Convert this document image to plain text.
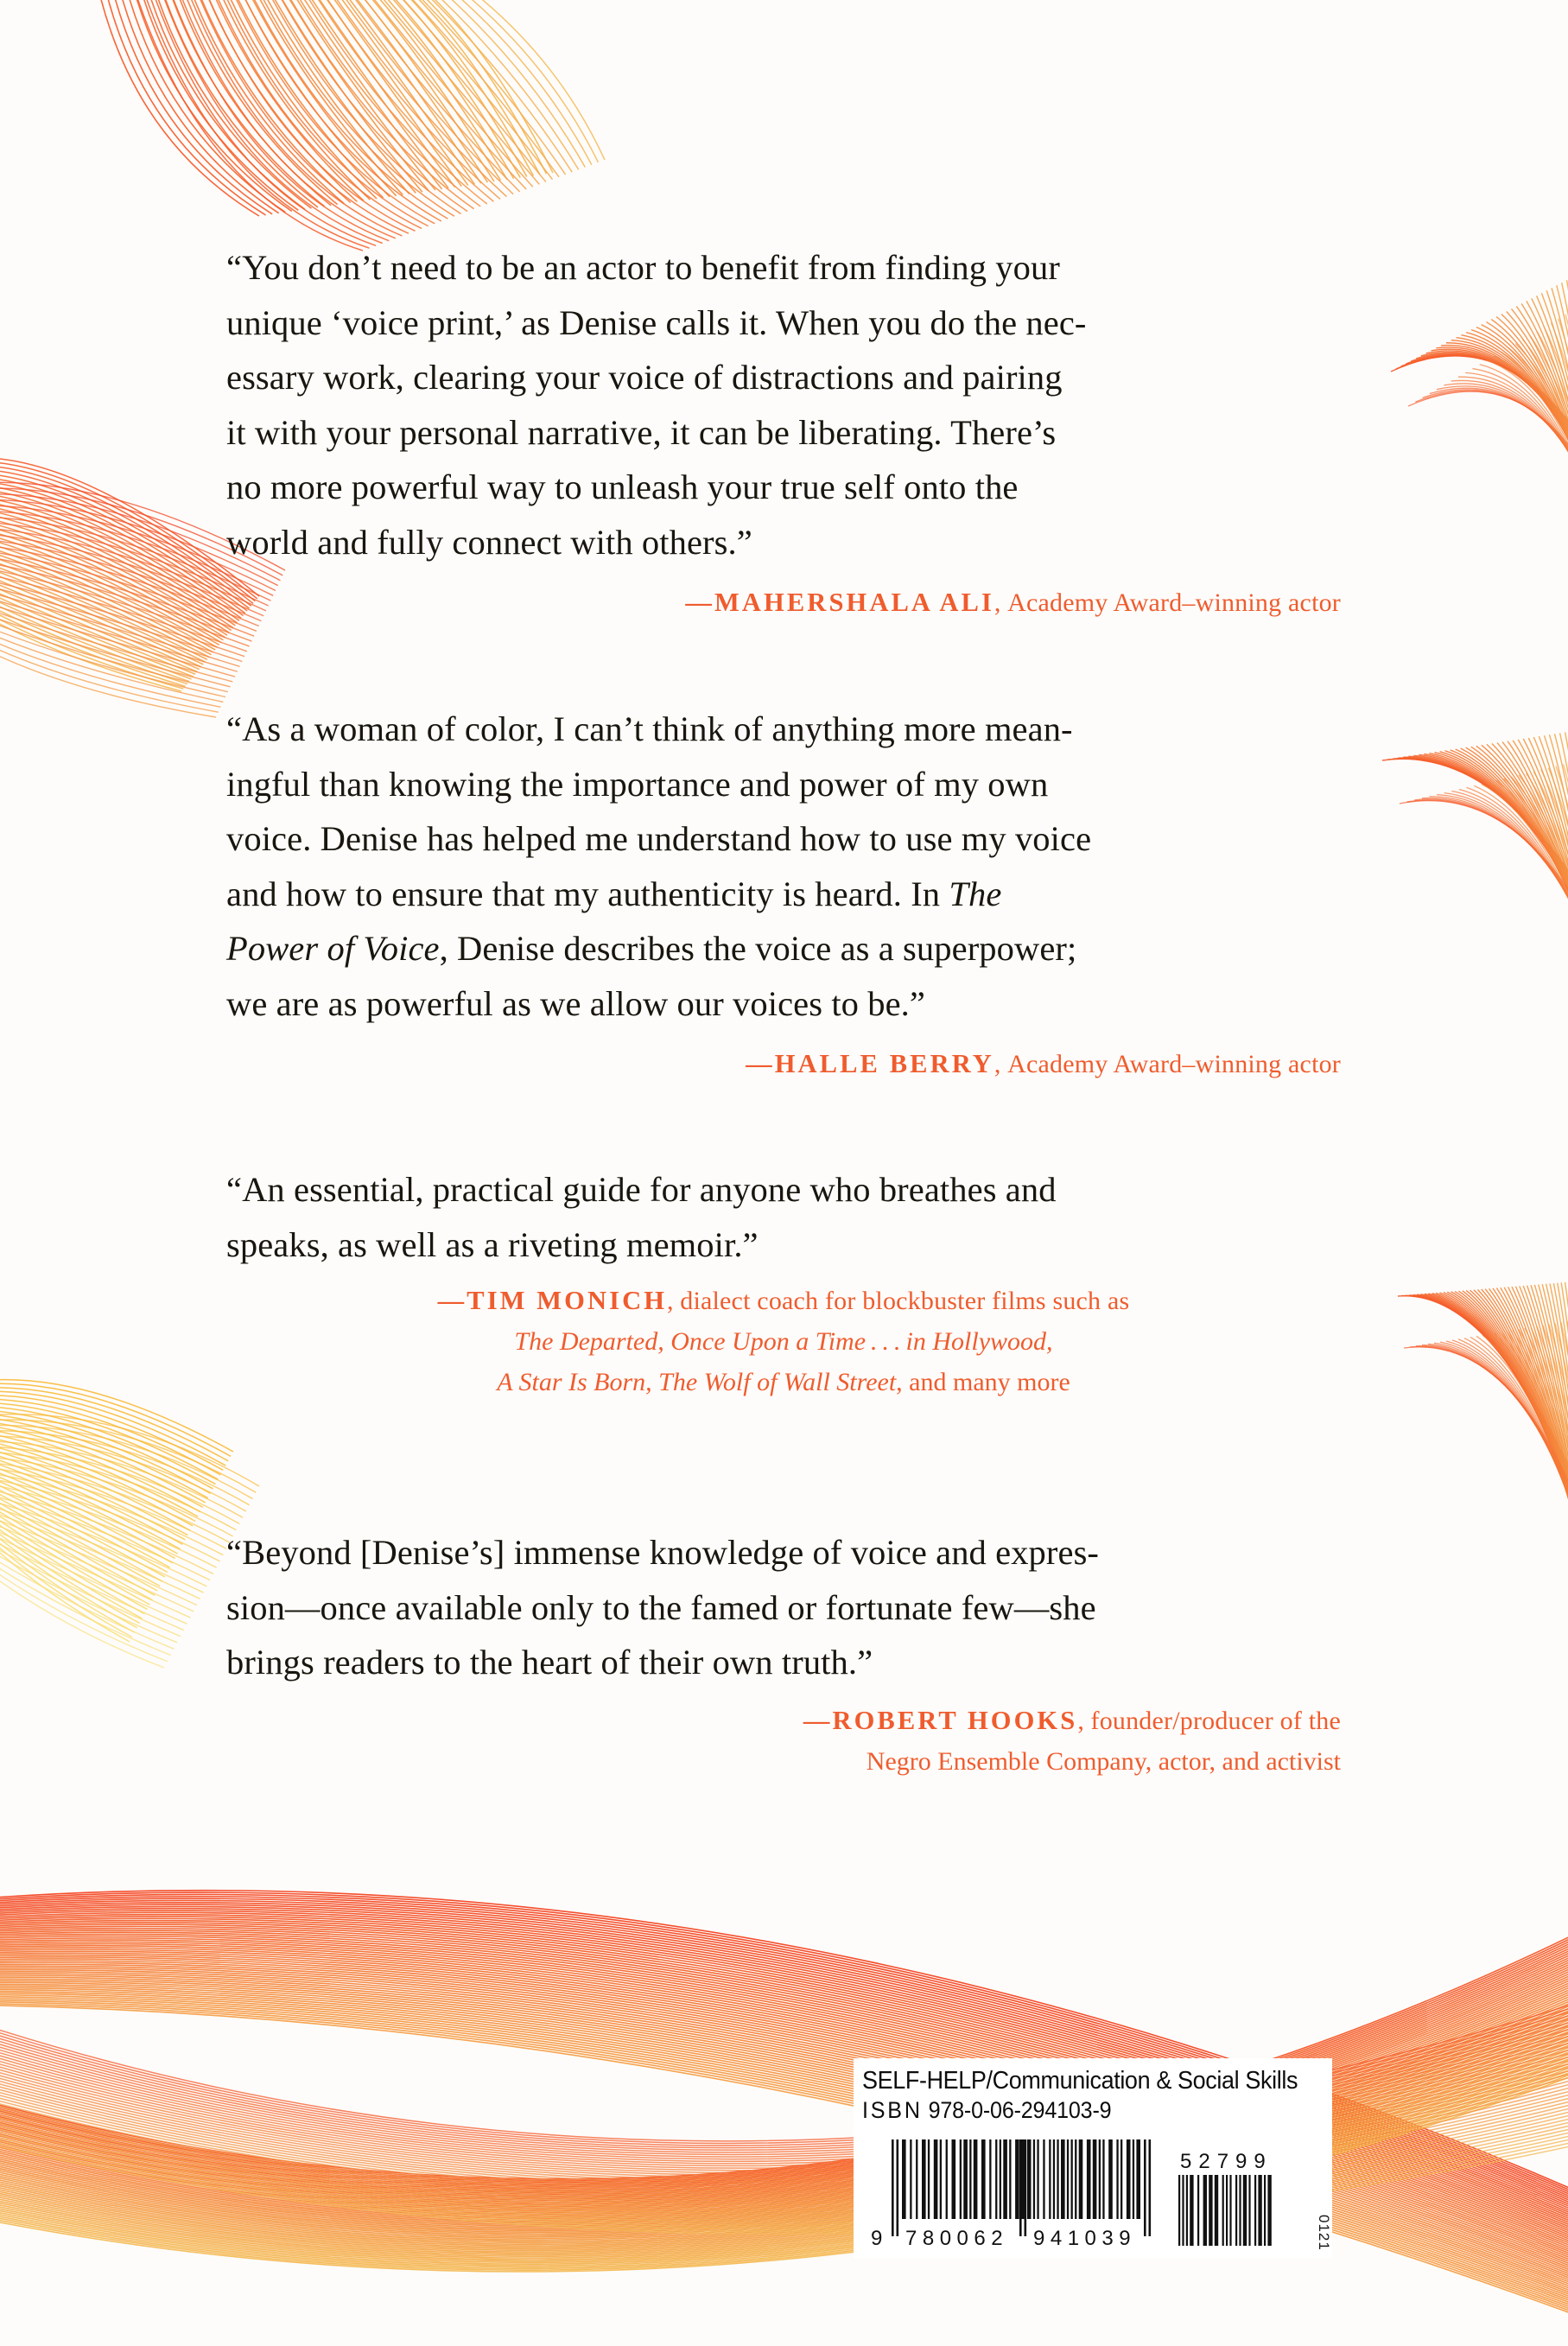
“You don’t need to be an actor to benefit from finding your

unique ‘voice print,’ as Denise calls it. When you do the nec-

essary work, clearing your voice of distractions and pairing

it with your personal narrative, it can be liberating. There’s

no more powerful way to unleash your true self onto the

world and fully connect with others.”

—MAHERSHALA ALI, Academy Award–winning actor

“As a woman of color, I can’t think of anything more mean-

ingful than knowing the importance and power of my own

voice. Denise has helped me understand how to use my voice

and how to ensure that my authenticity is heard. In The

Power of Voice, Denise describes the voice as a superpower;

we are as powerful as we allow our voices to be.”

—HALLE BERRY, Academy Award–winning actor

“An essential, practical guide for anyone who breathes and

speaks, as well as a riveting memoir.”

—TIM MONICH, dialect coach for blockbuster films such as

The Departed, Once Upon a Time . . . in Hollywood,

A Star Is Born, The Wolf of Wall Street, and many more

“Beyond [Denise’s] immense knowledge of voice and expres-

sion—once available only to the famed or fortunate few—she

brings readers to the heart of their own truth.”

—ROBERT HOOKS, founder/producer of the

Negro Ensemble Company, actor, and activist

SELF-HELP/Communication & Social Skills
ISBN 978-0-06-294103-9
9 780062 941039
52799
0121
